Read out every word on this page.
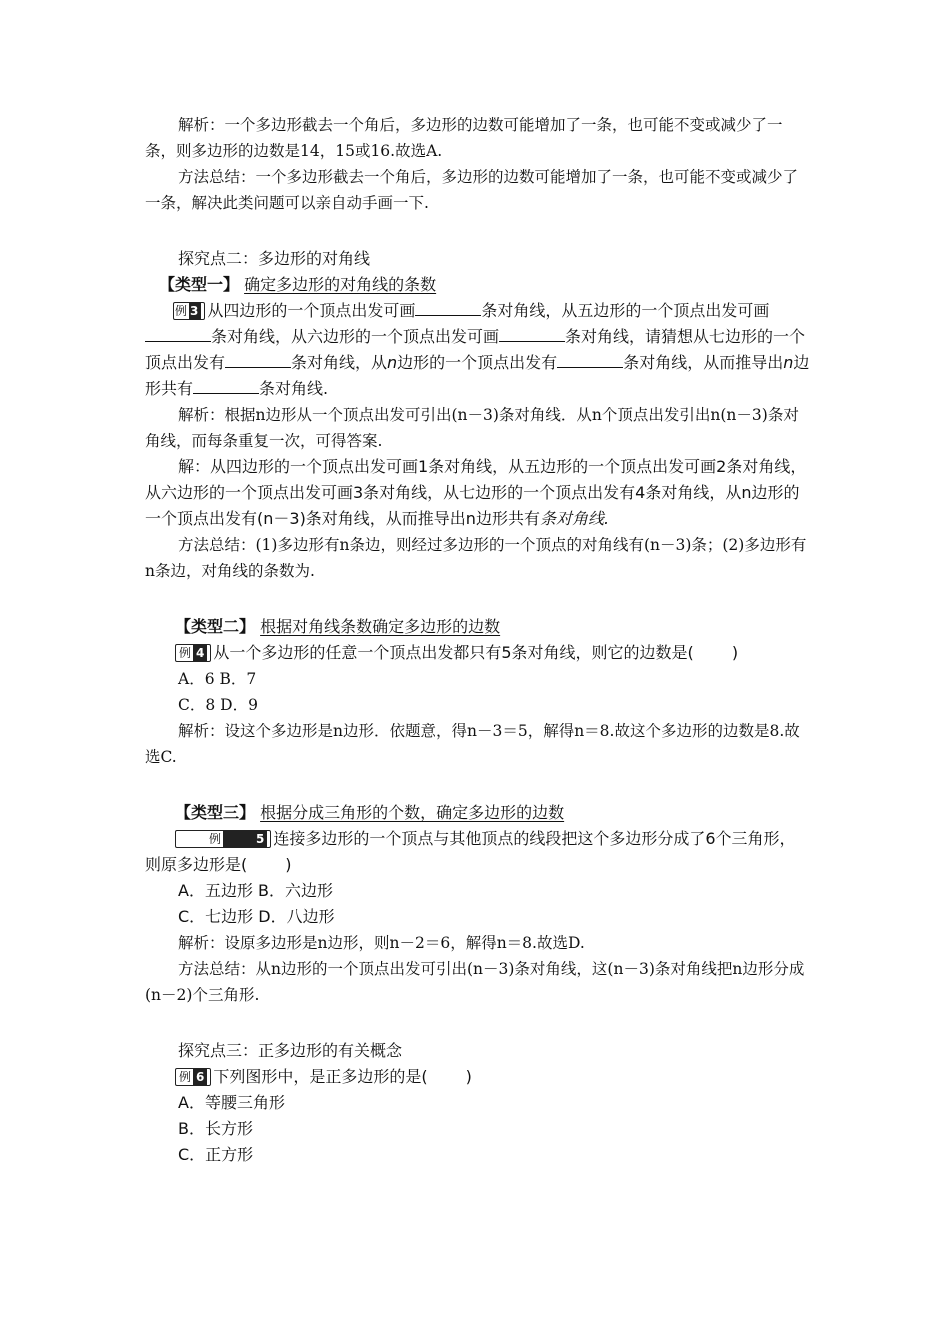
解析：一个多边形截去一个角后，多边形的边数可能增加了一条，也可能不变或减少了一条，则多边形的边数是14，15或16.故选A.

方法总结：一个多边形截去一个角后，多边形的边数可能增加了一条，也可能不变或减少了一条，解决此类问题可以亲自动手画一下.

探究点二：多边形的对角线

【类型一】 确定多边形的对角线的条数

例 3 从四边形的一个顶点出发可画	条对角线，从五边形的一个顶点出发可画

条对角线，从六边形的一个顶点出发可画	条对角线，请猜想从七边形的一个顶点出发有	条对角线，从n边形的一个顶点出发有	条对角线，从而推导出n边形共有	条对角线.

解析：根据n边形从一个顶点出发可引出(n－3)条对角线．从n个顶点出发引出n(n－3)条对角线，而每条重复一次，可得答案.

解：从四边形的一个顶点出发可画1条对角线，从五边形的一个顶点出发可画2条对角线，从六边形的一个顶点出发可画3条对角线，从七边形的一个顶点出发有4条对角线，从n边形的一个顶点出发有(n－3)条对角线，从而推导出n边形共有条对角线.

方法总结：(1)多边形有n条边，则经过多边形的一个顶点的对角线有(n－3)条；(2)多边形有n条边，对角线的条数为.

【类型二】 根据对角线条数确定多边形的边数

例 4 从一个多边形的任意一个顶点出发都只有5条对角线，则它的边数是( )

A．6 B．7

C．8 D．9

解析：设这个多边形是n边形．依题意，得n－3＝5，解得n＝8.故这个多边形的边数是8.故选C.

【类型三】 根据分成三角形的个数，确定多边形的边数

例	5 连接多边形的一个顶点与其他顶点的线段把这个多边形分成了6个三角形，则原多边形是( )

A．五边形 B．六边形

C．七边形 D．八边形

解析：设原多边形是n边形，则n－2＝6，解得n＝8.故选D.

方法总结：从n边形的一个顶点出发可引出(n－3)条对角线，这(n－3)条对角线把n边形分成(n－2)个三角形.

探究点三：正多边形的有关概念

例 6 下列图形中，是正多边形的是( )

A．等腰三角形

B．长方形

C．正方形
